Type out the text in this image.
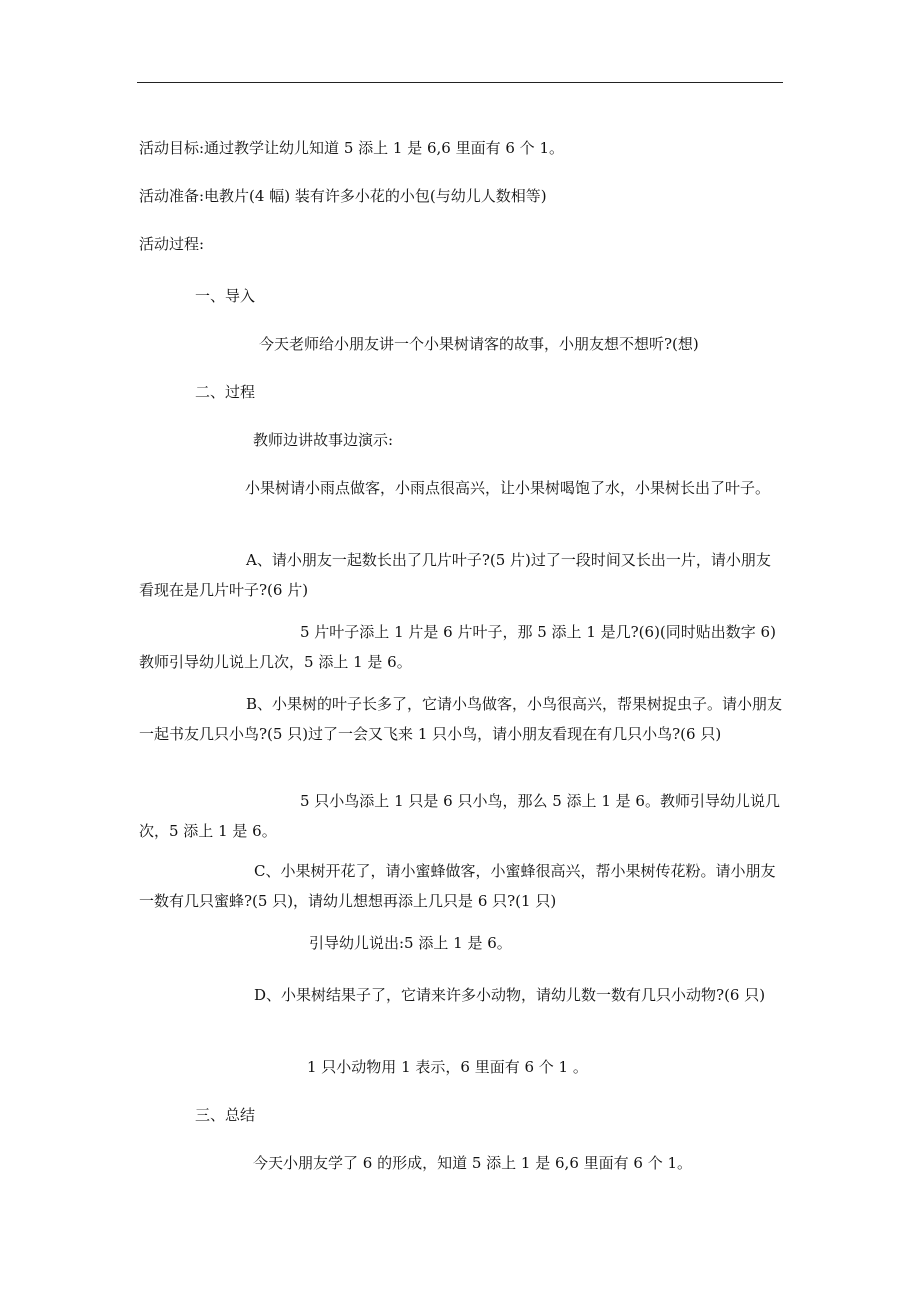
活动目标:通过教学让幼儿知道 5 添上 1 是 6,6 里面有 6 个 1。

活动准备:电教片(4 幅) 装有许多小花的小包(与幼儿人数相等)

活动过程:

一、导入

今天老师给小朋友讲一个小果树请客的故事，小朋友想不想听?(想)

二、过程

教师边讲故事边演示:

小果树请小雨点做客，小雨点很高兴，让小果树喝饱了水，小果树长出了叶子。

A、请小朋友一起数长出了几片叶子?(5 片)过了一段时间又长出一片，请小朋友看现在是几片叶子?(6 片)

5 片叶子添上 1 片是 6 片叶子，那 5 添上 1 是几?(6)(同时贴出数字 6)教师引导幼儿说上几次，5 添上 1 是 6。

B、小果树的叶子长多了，它请小鸟做客，小鸟很高兴，帮果树捉虫子。请小朋友一起书友几只小鸟?(5 只)过了一会又飞来 1 只小鸟，请小朋友看现在有几只小鸟?(6 只)

5 只小鸟添上 1 只是 6 只小鸟，那么 5 添上 1 是 6。教师引导幼儿说几次，5 添上 1 是 6。

C、小果树开花了，请小蜜蜂做客，小蜜蜂很高兴，帮小果树传花粉。请小朋友一数有几只蜜蜂?(5 只)，请幼儿想想再添上几只是 6 只?(1 只)

引导幼儿说出:5 添上 1 是 6。

D、小果树结果子了，它请来许多小动物，请幼儿数一数有几只小动物?(6 只)

1 只小动物用 1 表示，6 里面有 6 个 1 。

三、总结

今天小朋友学了 6 的形成，知道 5 添上 1 是 6,6 里面有 6 个 1。
